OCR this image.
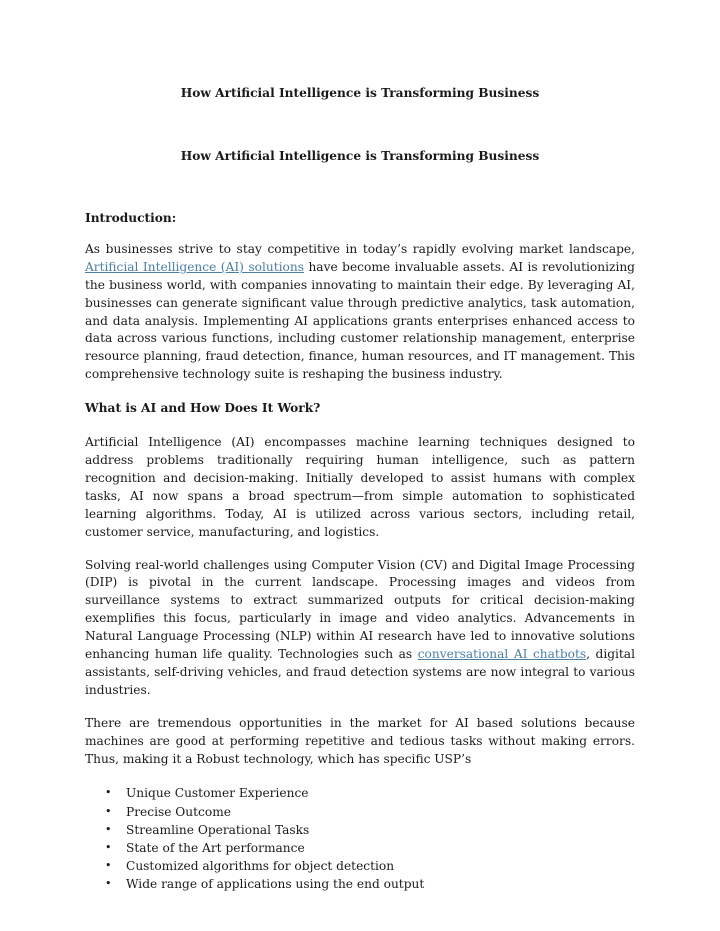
How Artificial Intelligence is Transforming Business
How Artificial Intelligence is Transforming Business
Introduction:

As businesses strive to stay competitive in today’s rapidly evolving market landscape, Artificial Intelligence (AI) solutions have become invaluable assets. AI is revolutionizing the business world, with companies innovating to maintain their edge. By leveraging AI, businesses can generate significant value through predictive analytics, task automation, and data analysis. Implementing AI applications grants enterprises enhanced access to data across various functions, including customer relationship management, enterprise resource planning, fraud detection, finance, human resources, and IT management. This comprehensive technology suite is reshaping the business industry.

What is AI and How Does It Work?

Artificial Intelligence (AI) encompasses machine learning techniques designed to address problems traditionally requiring human intelligence, such as pattern recognition and decision-making. Initially developed to assist humans with complex tasks, AI now spans a broad spectrum—from simple automation to sophisticated learning algorithms. Today, AI is utilized across various sectors, including retail, customer service, manufacturing, and logistics.

Solving real-world challenges using Computer Vision (CV) and Digital Image Processing (DIP) is pivotal in the current landscape. Processing images and videos from surveillance systems to extract summarized outputs for critical decision-making exemplifies this focus, particularly in image and video analytics. Advancements in Natural Language Processing (NLP) within AI research have led to innovative solutions enhancing human life quality. Technologies such as conversational AI chatbots, digital assistants, self-driving vehicles, and fraud detection systems are now integral to various industries.

There are tremendous opportunities in the market for AI based solutions because machines are good at performing repetitive and tedious tasks without making errors. Thus, making it a Robust technology, which has specific USP’s

• Unique Customer Experience
• Precise Outcome
• Streamline Operational Tasks
• State of the Art performance
• Customized algorithms for object detection
• Wide range of applications using the end output
